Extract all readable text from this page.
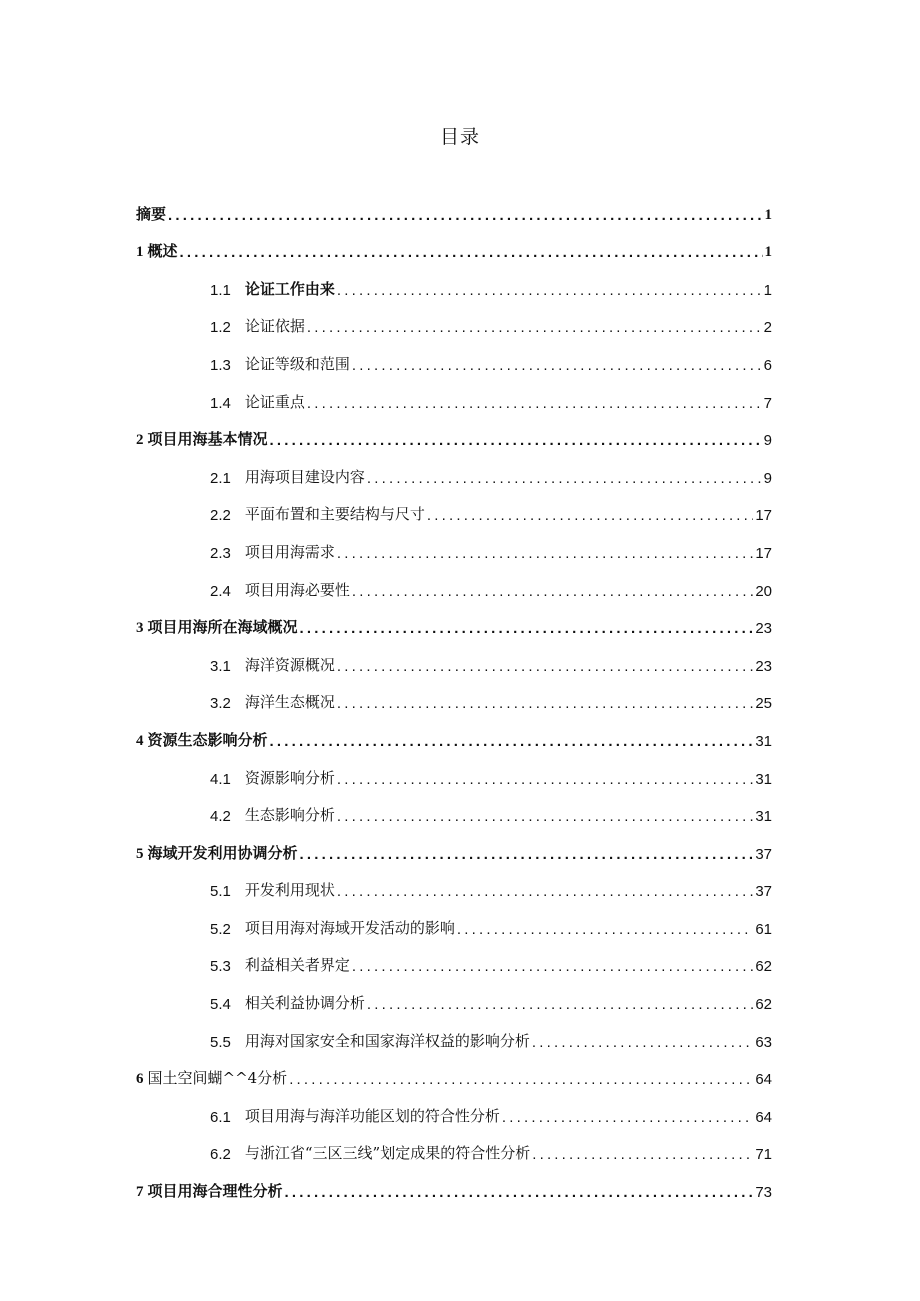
目录
摘要 .....	1
1 概述 .....	1
1.1 论证工作由来 .....	1
1.2 论证依据 .....	2
1.3 论证等级和范围 .....	6
1.4 论证重点 .....	7
2 项目用海基本情况 .....	9
2.1 用海项目建设内容 .....	9
2.2 平面布置和主要结构与尺寸 .....	17
2.3 项目用海需求 .....	17
2.4 项目用海必要性 .....	20
3 项目用海所在海域概况 .....	23
3.1 海洋资源概况 .....	23
3.2 海洋生态概况 .....	25
4 资源生态影响分析 .....	31
4.1 资源影响分析 .....	31
4.2 生态影响分析 .....	31
5 海域开发利用协调分析 .....	37
5.1 开发利用现状 .....	37
5.2 项目用海对海域开发活动的影响 .....	61
5.3 利益相关者界定 .....	62
5.4 相关利益协调分析 .....	62
5.5 用海对国家安全和国家海洋权益的影响分析 .....	63
6 国土空间蝴^^4分析 .....	64
6.1 项目用海与海洋功能区划的符合性分析 .....	64
6.2 与浙江省“三区三线”划定成果的符合性分析 .....	71
7 项目用海合理性分析 .....	73
